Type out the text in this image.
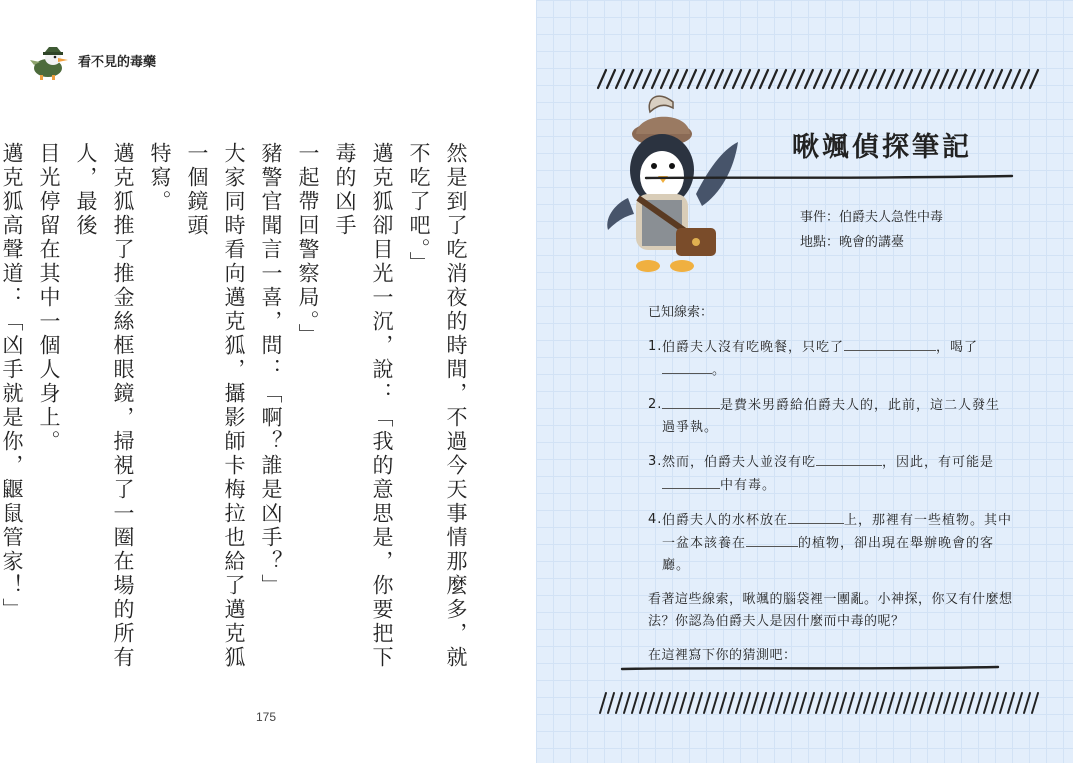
看不見的毒藥

然是到了吃消夜的時間，不過今天事情那麼多，就不吃了吧。」

邁克狐卻目光一沉，說：「我的意思是，你要把下毒的凶手

一起帶回警察局。」

豬警官聞言一喜，問：「啊？誰是凶手？」

大家同時看向邁克狐，攝影師卡梅拉也給了邁克狐一個鏡頭

特寫。

邁克狐推了推金絲框眼鏡，掃視了一圈在場的所有人，最後

目光停留在其中一個人身上。

邁克狐高聲道：「凶手就是你，鼴鼠管家！」

175
啾颯偵探筆記
事件：伯爵夫人急性中毒
地點：晚會的講臺
已知線索：
1. 伯爵夫人沒有吃晚餐，只吃了	，喝了。
2.	是費米男爵給伯爵夫人的，此前，這二人發生過爭執。
3. 然而，伯爵夫人並沒有吃	，因此，有可能是
中有毒。
4. 伯爵夫人的水杯放在	上，那裡有一些植物。其中一盆本該養在	的植物，卻出現在舉辦晚會的客廳。
看著這些線索，啾颯的腦袋裡一團亂。小神探，你又有什麼想法？你認為伯爵夫人是因什麼而中毒的呢？
在這裡寫下你的猜測吧：
